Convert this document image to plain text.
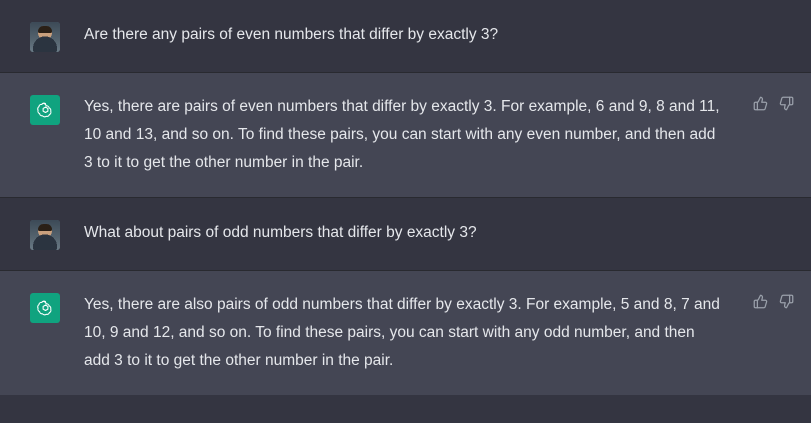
Are there any pairs of even numbers that differ by exactly 3?
Yes, there are pairs of even numbers that differ by exactly 3. For example, 6 and 9, 8 and 11, 10 and 13, and so on. To find these pairs, you can start with any even number, and then add 3 to it to get the other number in the pair.
What about pairs of odd numbers that differ by exactly 3?
Yes, there are also pairs of odd numbers that differ by exactly 3. For example, 5 and 8, 7 and 10, 9 and 12, and so on. To find these pairs, you can start with any odd number, and then add 3 to it to get the other number in the pair.
